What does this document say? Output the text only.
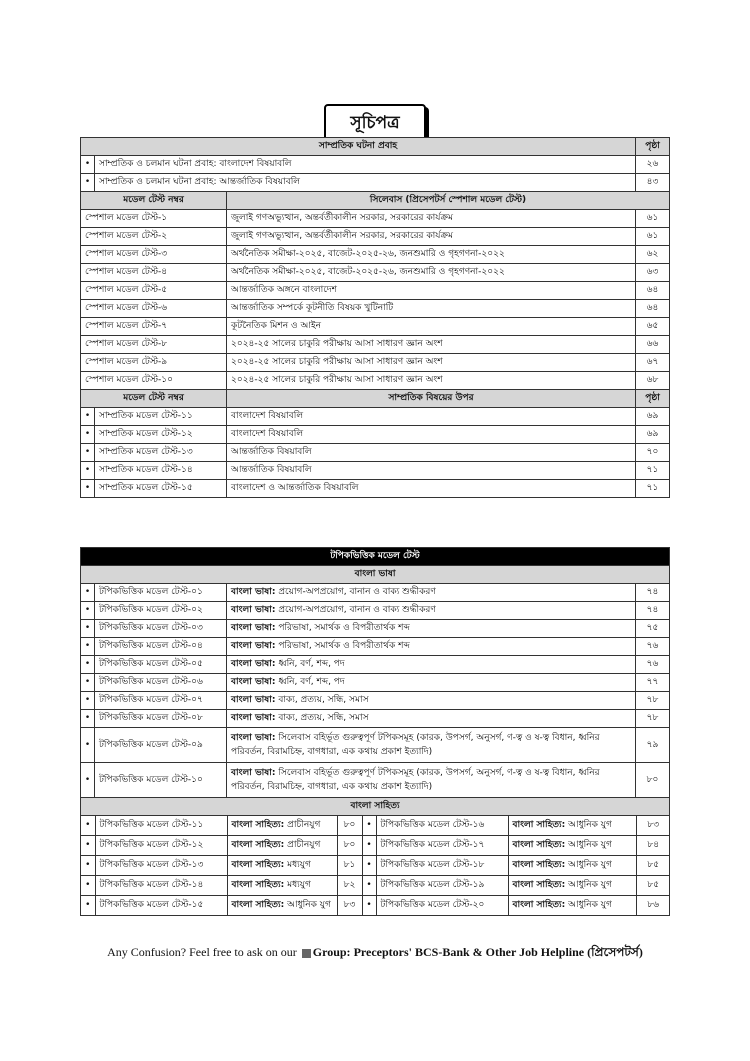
সূচিপত্র
সাম্প্রতিক ঘটনা প্রবাহ			পৃষ্ঠা
•	সাম্প্রতিক ও চলমান ঘটনা প্রবাহ: বাংলাদেশ বিষয়াবলি		২৬
•	সাম্প্রতিক ও চলমান ঘটনা প্রবাহ: আন্তর্জাতিক বিষয়াবলি		৪৩
মডেল টেস্ট নম্বর		সিলেবাস (প্রিসেপটর্স স্পেশাল মডেল টেস্ট)	
স্পেশাল মডেল টেস্ট-১		জুলাই গণঅভ্যুত্থান, অন্তর্বর্তীকালীন সরকার, সরকারের কার্যক্রম	৬১
স্পেশাল মডেল টেস্ট-২		জুলাই গণঅভ্যুত্থান, অন্তর্বর্তীকালীন সরকার, সরকারের কার্যক্রম	৬১
স্পেশাল মডেল টেস্ট-৩		অর্থনৈতিক সমীক্ষা-২০২৫, বাজেট-২০২৫-২৬, জনশুমারি ও গৃহগণনা-২০২২	৬২
স্পেশাল মডেল টেস্ট-৪		অর্থনৈতিক সমীক্ষা-২০২৫, বাজেট-২০২৫-২৬, জনশুমারি ও গৃহগণনা-২০২২	৬৩
স্পেশাল মডেল টেস্ট-৫		আন্তর্জাতিক অঙ্গনে বাংলাদেশ	৬৪
স্পেশাল মডেল টেস্ট-৬		আন্তর্জাতিক সম্পর্কে কূটনীতি বিষয়ক খুটিনাটি	৬৪
স্পেশাল মডেল টেস্ট-৭		কূটনৈতিক মিশন ও আইন	৬৫
স্পেশাল মডেল টেস্ট-৮		২০২৪-২৫ সালের চাকুরি পরীক্ষায় আসা সাধারণ জ্ঞান অংশ	৬৬
স্পেশাল মডেল টেস্ট-৯		২০২৪-২৫ সালের চাকুরি পরীক্ষায় আসা সাধারণ জ্ঞান অংশ	৬৭
স্পেশাল মডেল টেস্ট-১০		২০২৪-২৫ সালের চাকুরি পরীক্ষায় আসা সাধারণ জ্ঞান অংশ	৬৮
মডেল টেস্ট নম্বর		সাম্প্রতিক বিষয়ের উপর	পৃষ্ঠা
•	সাম্প্রতিক মডেল টেস্ট-১১	বাংলাদেশ বিষয়াবলি	৬৯
•	সাম্প্রতিক মডেল টেস্ট-১২	বাংলাদেশ বিষয়াবলি	৬৯
•	সাম্প্রতিক মডেল টেস্ট-১৩	আন্তর্জাতিক বিষয়াবলি	৭০
•	সাম্প্রতিক মডেল টেস্ট-১৪	আন্তর্জাতিক বিষয়াবলি	৭১
•	সাম্প্রতিক মডেল টেস্ট-১৫	বাংলাদেশ ও আন্তর্জাতিক বিষয়াবলি	৭১
টপিকভিত্তিক মডেল টেস্ট
বাংলা ভাষা
•	টপিকভিত্তিক মডেল টেস্ট-০১	বাংলা ভাষা: প্রয়োগ-অপপ্রয়োগ, বানান ও বাক্য শুদ্ধীকরণ	৭৪
•	টপিকভিত্তিক মডেল টেস্ট-০২	বাংলা ভাষা: প্রয়োগ-অপপ্রয়োগ, বানান ও বাক্য শুদ্ধীকরণ	৭৪
•	টপিকভিত্তিক মডেল টেস্ট-০৩	বাংলা ভাষা: পরিভাষা, সমার্থক ও বিপরীতার্থক শব্দ	৭৫
•	টপিকভিত্তিক মডেল টেস্ট-০৪	বাংলা ভাষা: পরিভাষা, সমার্থক ও বিপরীতার্থক শব্দ	৭৬
•	টপিকভিত্তিক মডেল টেস্ট-০৫	বাংলা ভাষা: ধ্বনি, বর্ণ, শব্দ, পদ	৭৬
•	টপিকভিত্তিক মডেল টেস্ট-০৬	বাংলা ভাষা: ধ্বনি, বর্ণ, শব্দ, পদ	৭৭
•	টপিকভিত্তিক মডেল টেস্ট-০৭	বাংলা ভাষা: বাক্য, প্রত্যয়, সন্ধি, সমাস	৭৮
•	টপিকভিত্তিক মডেল টেস্ট-০৮	বাংলা ভাষা: বাক্য, প্রত্যয়, সন্ধি, সমাস	৭৮
•	টপিকভিত্তিক মডেল টেস্ট-০৯	বাংলা ভাষা: সিলেবাস বহির্ভূত গুরুত্বপূর্ণ টপিকসমূহ (কারক, উপসর্গ, অনুসর্গ, ণ-ত্ব ও ষ-ত্ব বিধান, ধ্বনির পরিবর্তন, বিরামচিহ্ন, বাগধারা, এক কথায় প্রকাশ ইত্যাদি)	৭৯
•	টপিকভিত্তিক মডেল টেস্ট-১০	বাংলা ভাষা: সিলেবাস বহির্ভূত গুরুত্বপূর্ণ টপিকসমূহ (কারক, উপসর্গ, অনুসর্গ, ণ-ত্ব ও ষ-ত্ব বিধান, ধ্বনির পরিবর্তন, বিরামচিহ্ন, বাগধারা, এক কথায় প্রকাশ ইত্যাদি)	৮০
বাংলা সাহিত্য

•	টপিকভিত্তিক মডেল টেস্ট-১১	বাংলা সাহিত্য: প্রাচীনযুগ	৮০	•	টপিকভিত্তিক মডেল টেস্ট-১৬	বাংলা সাহিত্য: আধুনিক যুগ	৮৩

•	টপিকভিত্তিক মডেল টেস্ট-১২	বাংলা সাহিত্য: প্রাচীনযুগ	৮০	•	টপিকভিত্তিক মডেল টেস্ট-১৭	বাংলা সাহিত্য: আধুনিক যুগ	৮৪

•	টপিকভিত্তিক মডেল টেস্ট-১৩	বাংলা সাহিত্য: মধ্যযুগ	৮১	•	টপিকভিত্তিক মডেল টেস্ট-১৮	বাংলা সাহিত্য: আধুনিক যুগ	৮৫

•	টপিকভিত্তিক মডেল টেস্ট-১৪	বাংলা সাহিত্য: মধ্যযুগ	৮২	•	টপিকভিত্তিক মডেল টেস্ট-১৯	বাংলা সাহিত্য: আধুনিক যুগ	৮৫

•	টপিকভিত্তিক মডেল টেস্ট-১৫	বাংলা সাহিত্য: আধুনিক যুগ	৮৩	•	টপিকভিত্তিক মডেল টেস্ট-২০	বাংলা সাহিত্য: আধুনিক যুগ	৮৬
Any Confusion? Feel free to ask on our Group: Preceptors' BCS-Bank & Other Job Helpline (প্রিসেপটর্স)
